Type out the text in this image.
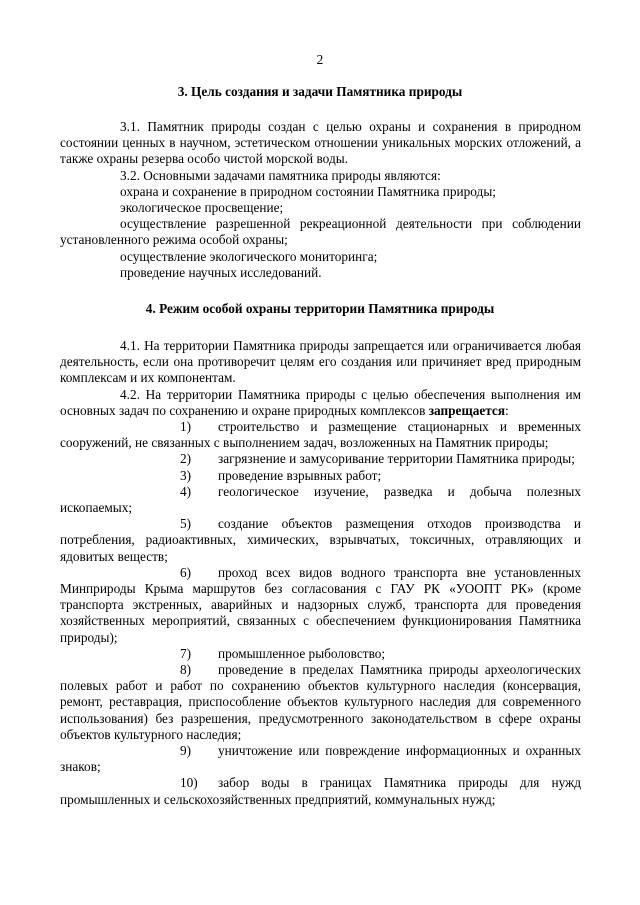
2
3. Цель создания и задачи Памятника природы

3.1. Памятник природы создан с целью охраны и сохранения в природном состоянии ценных в научном, эстетическом отношении уникальных морских отложений, а также охраны резерва особо чистой морской воды.

3.2. Основными задачами памятника природы являются:

охрана и сохранение в природном состоянии Памятника природы;

экологическое просвещение;

осуществление разрешенной рекреационной деятельности при соблюдении установленного режима особой охраны;

осуществление экологического мониторинга;

проведение научных исследований.

4. Режим особой охраны территории Памятника природы

4.1. На территории Памятника природы запрещается или ограничивается любая деятельность, если она противоречит целям его создания или причиняет вред природным комплексам и их компонентам.

4.2. На территории Памятника природы с целью обеспечения выполнения им основных задач по сохранению и охране природных комплексов запрещается:

1) строительство и размещение стационарных и временных сооружений, не связанных с выполнением задач, возложенных на Памятник природы;

2) загрязнение и замусоривание территории Памятника природы;

3) проведение взрывных работ;

4) геологическое изучение, разведка и добыча полезных ископаемых;

5) создание объектов размещения отходов производства и потребления, радиоактивных, химических, взрывчатых, токсичных, отравляющих и ядовитых веществ;

6) проход всех видов водного транспорта вне установленных Минприроды Крыма маршрутов без согласования с ГАУ РК «УООПТ РК» (кроме транспорта экстренных, аварийных и надзорных служб, транспорта для проведения хозяйственных мероприятий, связанных с обеспечением функционирования Памятника природы);

7) промышленное рыболовство;

8) проведение в пределах Памятника природы археологических полевых работ и работ по сохранению объектов культурного наследия (консервация, ремонт, реставрация, приспособление объектов культурного наследия для современного использования) без разрешения, предусмотренного законодательством в сфере охраны объектов культурного наследия;

9) уничтожение или повреждение информационных и охранных знаков;

10) забор воды в границах Памятника природы для нужд промышленных и сельскохозяйственных предприятий, коммунальных нужд;
